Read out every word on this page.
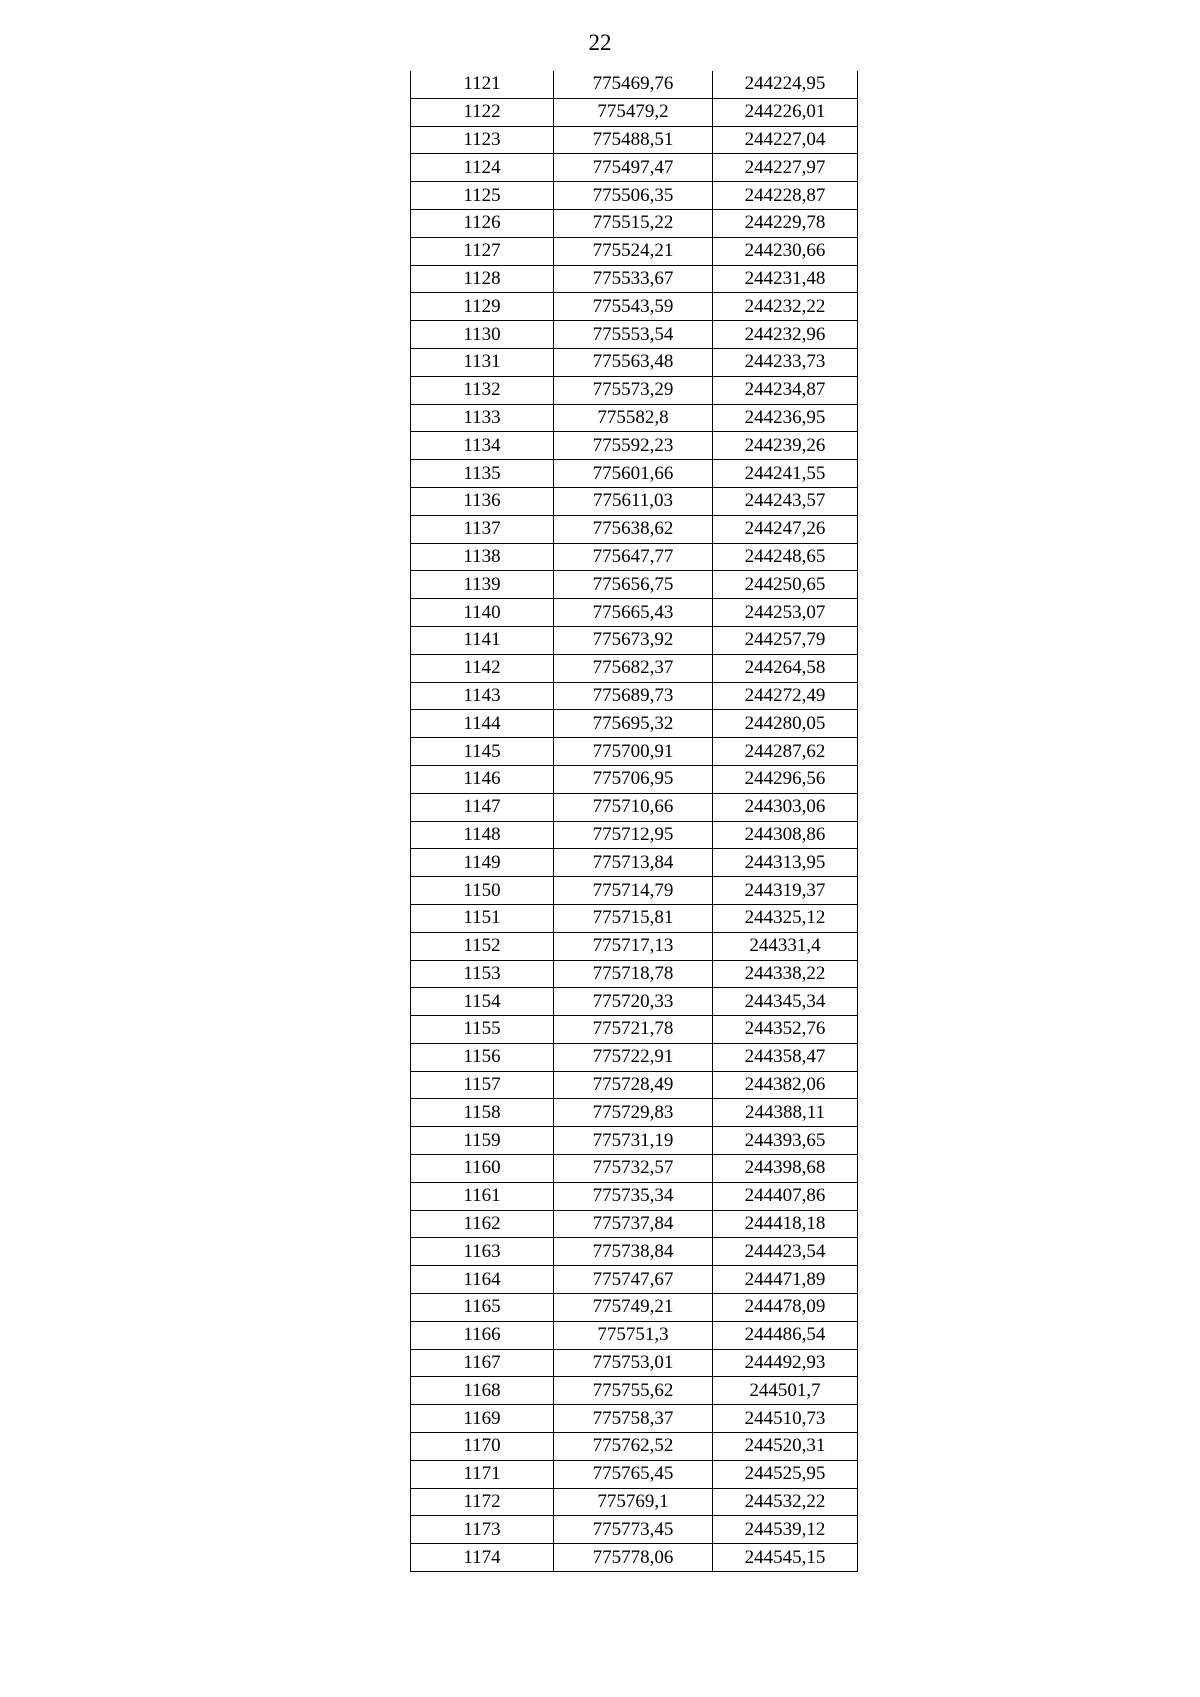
22
1121	775469,76	244224,95
1122	775479,2	244226,01
1123	775488,51	244227,04
1124	775497,47	244227,97
1125	775506,35	244228,87
1126	775515,22	244229,78
1127	775524,21	244230,66
1128	775533,67	244231,48
1129	775543,59	244232,22
1130	775553,54	244232,96
1131	775563,48	244233,73
1132	775573,29	244234,87
1133	775582,8	244236,95
1134	775592,23	244239,26
1135	775601,66	244241,55
1136	775611,03	244243,57
1137	775638,62	244247,26
1138	775647,77	244248,65
1139	775656,75	244250,65
1140	775665,43	244253,07
1141	775673,92	244257,79
1142	775682,37	244264,58
1143	775689,73	244272,49
1144	775695,32	244280,05
1145	775700,91	244287,62
1146	775706,95	244296,56
1147	775710,66	244303,06
1148	775712,95	244308,86
1149	775713,84	244313,95
1150	775714,79	244319,37
1151	775715,81	244325,12
1152	775717,13	244331,4
1153	775718,78	244338,22
1154	775720,33	244345,34
1155	775721,78	244352,76
1156	775722,91	244358,47
1157	775728,49	244382,06
1158	775729,83	244388,11
1159	775731,19	244393,65
1160	775732,57	244398,68
1161	775735,34	244407,86
1162	775737,84	244418,18
1163	775738,84	244423,54
1164	775747,67	244471,89
1165	775749,21	244478,09
1166	775751,3	244486,54
1167	775753,01	244492,93
1168	775755,62	244501,7
1169	775758,37	244510,73
1170	775762,52	244520,31
1171	775765,45	244525,95
1172	775769,1	244532,22
1173	775773,45	244539,12
1174	775778,06	244545,15
